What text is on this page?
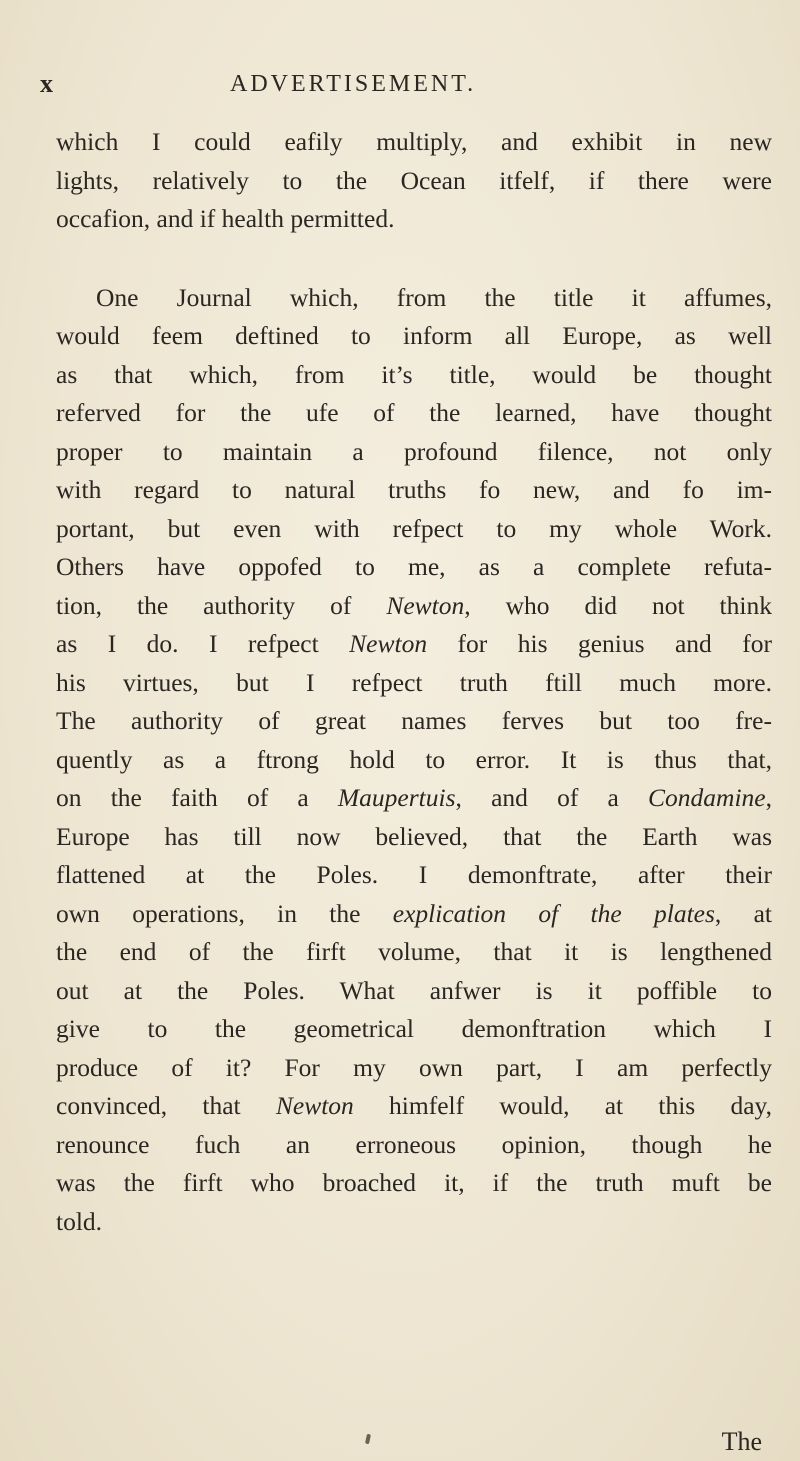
x	ADVERTISEMENT.
which I could eafily multiply, and exhibit in new
lights, relatively to the Ocean itfelf, if there were
occafion, and if health permitted.
One Journal which, from the title it affumes,
would feem deftined to inform all Europe, as well
as that which, from it’s title, would be thought
referved for the ufe of the learned, have thought
proper to maintain a profound filence, not only
with regard to natural truths fo new, and fo im-
portant, but even with refpect to my whole Work.
Others have oppofed to me, as a complete refuta-
tion, the authority of Newton, who did not think
as I do. I refpect Newton for his genius and for
his virtues, but I refpect truth ftill much more.
The authority of great names ferves but too fre-
quently as a ftrong hold to error. It is thus that,
on the faith of a Maupertuis, and of a Condamine,
Europe has till now believed, that the Earth was
flattened at the Poles. I demonftrate, after their
own operations, in the explication of the plates, at
the end of the firft volume, that it is lengthened
out at the Poles. What anfwer is it poffible to
give to the geometrical demonftration which I
produce of it? For my own part, I am perfectly
convinced, that Newton himfelf would, at this day,
renounce fuch an erroneous opinion, though he
was the firft who broached it, if the truth muft be
told.
The
